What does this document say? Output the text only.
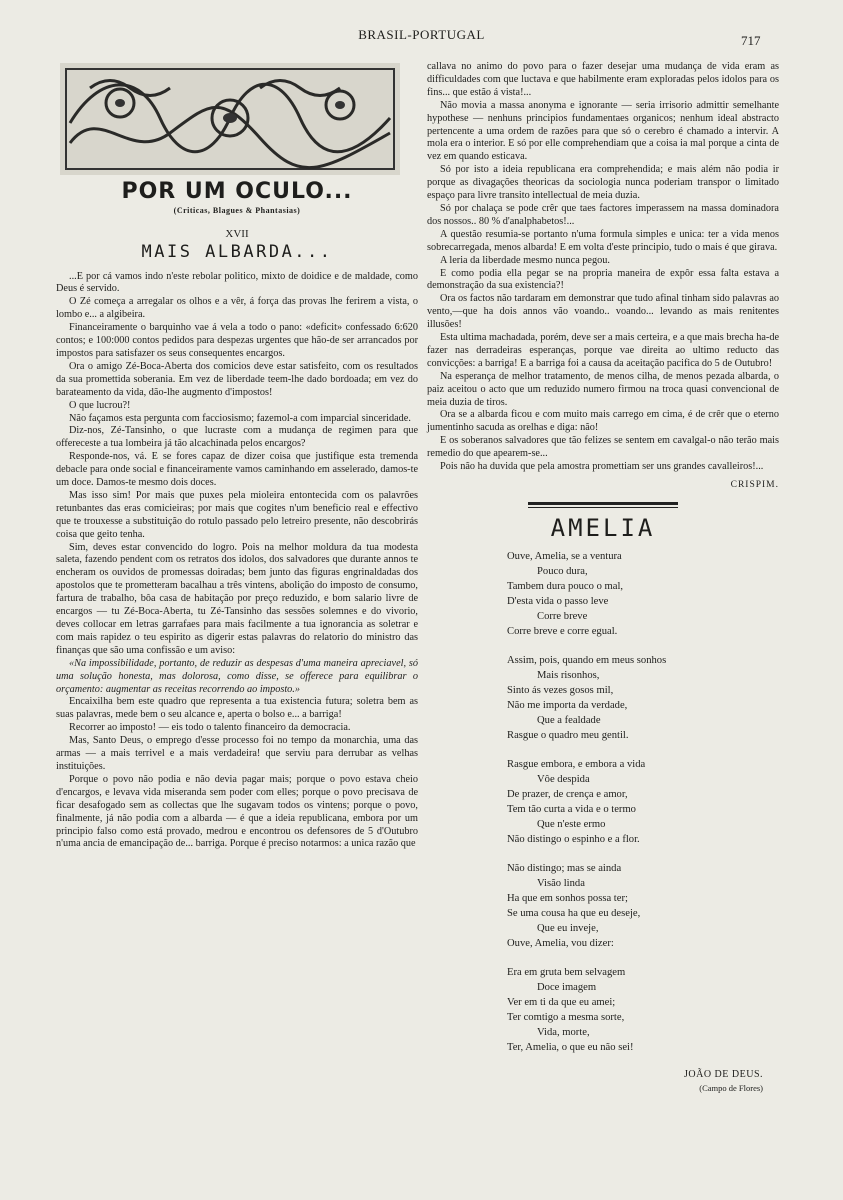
BRASIL-PORTUGAL	717
POR UM OCULO...
(Criticas, Blagues & Phantasias)
XVII
MAIS ALBARDA...

...E por cá vamos indo n'este rebolar politico, mixto de doidice e de maldade, como Deus é servido.

O Zé começa a arregalar os olhos e a vêr, á força das provas lhe ferirem a vista, o lombo e... a algibeira.

Financeiramente o barquinho vae á vela a todo o pano: «deficit» confessado 6:620 contos; e 100:000 contos pedidos para despezas urgentes que hão-de ser arrancados por impostos para satisfazer os seus consequentes encargos.

Ora o amigo Zé-Boca-Aberta dos comicios deve estar satisfeito, com os resultados da sua promettida soberania. Em vez de liberdade teem-lhe dado bordoada; em vez do barateamento da vida, dão-lhe augmento d'impostos!

O que lucrou?!

Não façamos esta pergunta com facciosismo; fazemol-a com imparcial sinceridade.

Diz-nos, Zé-Tansinho, o que lucraste com a mudança de regimen para que offereceste a tua lombeira já tão alcachinada pelos encargos?

Responde-nos, vá. E se fores capaz de dizer coisa que justifique esta tremenda debacle para onde social e financeiramente vamos caminhando em asselerado, damos-te um doce. Damos-te mesmo dois doces.

Mas isso sim! Por mais que puxes pela mioleira entontecida com os palavrões retunbantes das eras comicieiras; por mais que cogites n'um beneficio real e effectivo que te trouxesse a substituição do rotulo passado pelo letreiro presente, não descobrirás coisa que geito tenha.

Sim, deves estar convencido do logro. Pois na melhor moldura da tua modesta saleta, fazendo pendent com os retratos dos idolos, dos salvadores que durante annos te encheram os ouvidos de promessas doiradas; bem junto das figuras engrinaldadas dos apostolos que te prometteram bacalhau a três vintens, abolição do imposto de consumo, fartura de trabalho, bôa casa de habitação por preço reduzido, e bom salario livre de encargos — tu Zé-Boca-Aberta, tu Zé-Tansinho das sessões solemnes e do vivorio, deves collocar em letras garrafaes para mais facilmente a tua ignorancia as soletrar e com mais rapidez o teu espirito as digerir estas palavras do relatorio do ministro das finanças que são uma confissão e um aviso:

«Na impossibilidade, portanto, de reduzir as despesas d'uma maneira apreciavel, só uma solução honesta, mas dolorosa, como disse, se offerece para equilibrar o orçamento: augmentar as receitas recorrendo ao imposto.»

Encaixilha bem este quadro que representa a tua existencia futura; soletra bem as suas palavras, mede bem o seu alcance e, aperta o bolso e... a barriga!

Recorrer ao imposto! — eis todo o talento financeiro da democracia.

Mas, Santo Deus, o emprego d'esse processo foi no tempo da monarchia, uma das armas — a mais terrivel e a mais verdadeira! que serviu para derrubar as velhas instituições.

Porque o povo não podia e não devia pagar mais; porque o povo estava cheio d'encargos, e levava vida miseranda sem poder com elles; porque o povo precisava de ficar desafogado sem as collectas que lhe sugavam todos os vintens; porque o povo, finalmente, já não podia com a albarda — é que a ideia republicana, embora por um principio falso como está provado, medrou e encontrou os defensores de 5 d'Outubro n'uma ancia de emancipação de... barriga. Porque é preciso notarmos: a unica razão que

callava no animo do povo para o fazer desejar uma mudança de vida eram as difficuldades com que luctava e que habilmente eram exploradas pelos idolos para os fins... que estão á vista!...

Não movia a massa anonyma e ignorante — seria irrisorio admittir semelhante hypothese — nenhuns principios fundamentaes organicos; nenhum ideal abstracto pertencente a uma ordem de razões para que só o cerebro é chamado a intervir. A mola era o interior. E só por elle comprehendiam que a coisa ia mal porque a cinta de vez em quando esticava.

Só por isto a ideia republicana era comprehendida; e mais além não podia ir porque as divagações theoricas da sociologia nunca poderiam transpor o limitado espaço para livre transito intellectual de meia duzia.

Só por chalaça se pode crêr que taes factores imperassem na massa dominadora dos nossos.. 80 % d'analphabetos!...

A questão resumia-se portanto n'uma formula simples e unica: ter a vida menos sobrecarregada, menos albarda! E em volta d'este principio, tudo o mais é que girava.

A leria da liberdade mesmo nunca pegou.

E como podia ella pegar se na propria maneira de expôr essa falta estava a demonstração da sua existencia?!

Ora os factos não tardaram em demonstrar que tudo afinal tinham sido palavras ao vento,—que ha dois annos vão voando.. voando... levando as mais renitentes illusões!

Esta ultima machadada, porém, deve ser a mais certeira, e a que mais brecha ha-de fazer nas derradeiras esperanças, porque vae direita ao ultimo reducto das convicções: a barriga! E a barriga foi a causa da aceitação pacifica do 5 de Outubro!

Na esperança de melhor tratamento, de menos cilha, de menos pezada albarda, o paiz aceitou o acto que um reduzido numero firmou na troca quasi convencional de meia duzia de tiros.

Ora se a albarda ficou e com muito mais carrego em cima, é de crêr que o eterno jumentinho sacuda as orelhas e diga: não!

E os soberanos salvadores que tão felizes se sentem em cavalgal-o não terão mais remedio do que apearem-se...

Pois não ha duvida que pela amostra promettiam ser uns grandes cavalleiros!...

CRISPIM.
AMELIA
Ouve, Amelia, se a ventura
Pouco dura,
Tambem dura pouco o mal,
D'esta vida o passo leve
Corre breve
Corre breve e corre egual.
Assim, pois, quando em meus sonhos
Mais risonhos,
Sinto ás vezes gosos mil,
Não me importa da verdade,
Que a fealdade
Rasgue o quadro meu gentil.
Rasgue embora, e embora a vida
Vôe despida
De prazer, de crença e amor,
Tem tão curta a vida e o termo
Que n'este ermo
Não distingo o espinho e a flor.
Não distingo; mas se ainda
Visão linda
Ha que em sonhos possa ter;
Se uma cousa ha que eu deseje,
Que eu inveje,
Ouve, Amelia, vou dizer:
Era em gruta bem selvagem
Doce imagem
Ver em ti da que eu amei;
Ter comtigo a mesma sorte,
Vida, morte,
Ter, Amelia, o que eu não sei!
JOÃO DE DEUS.
(Campo de Flores)
